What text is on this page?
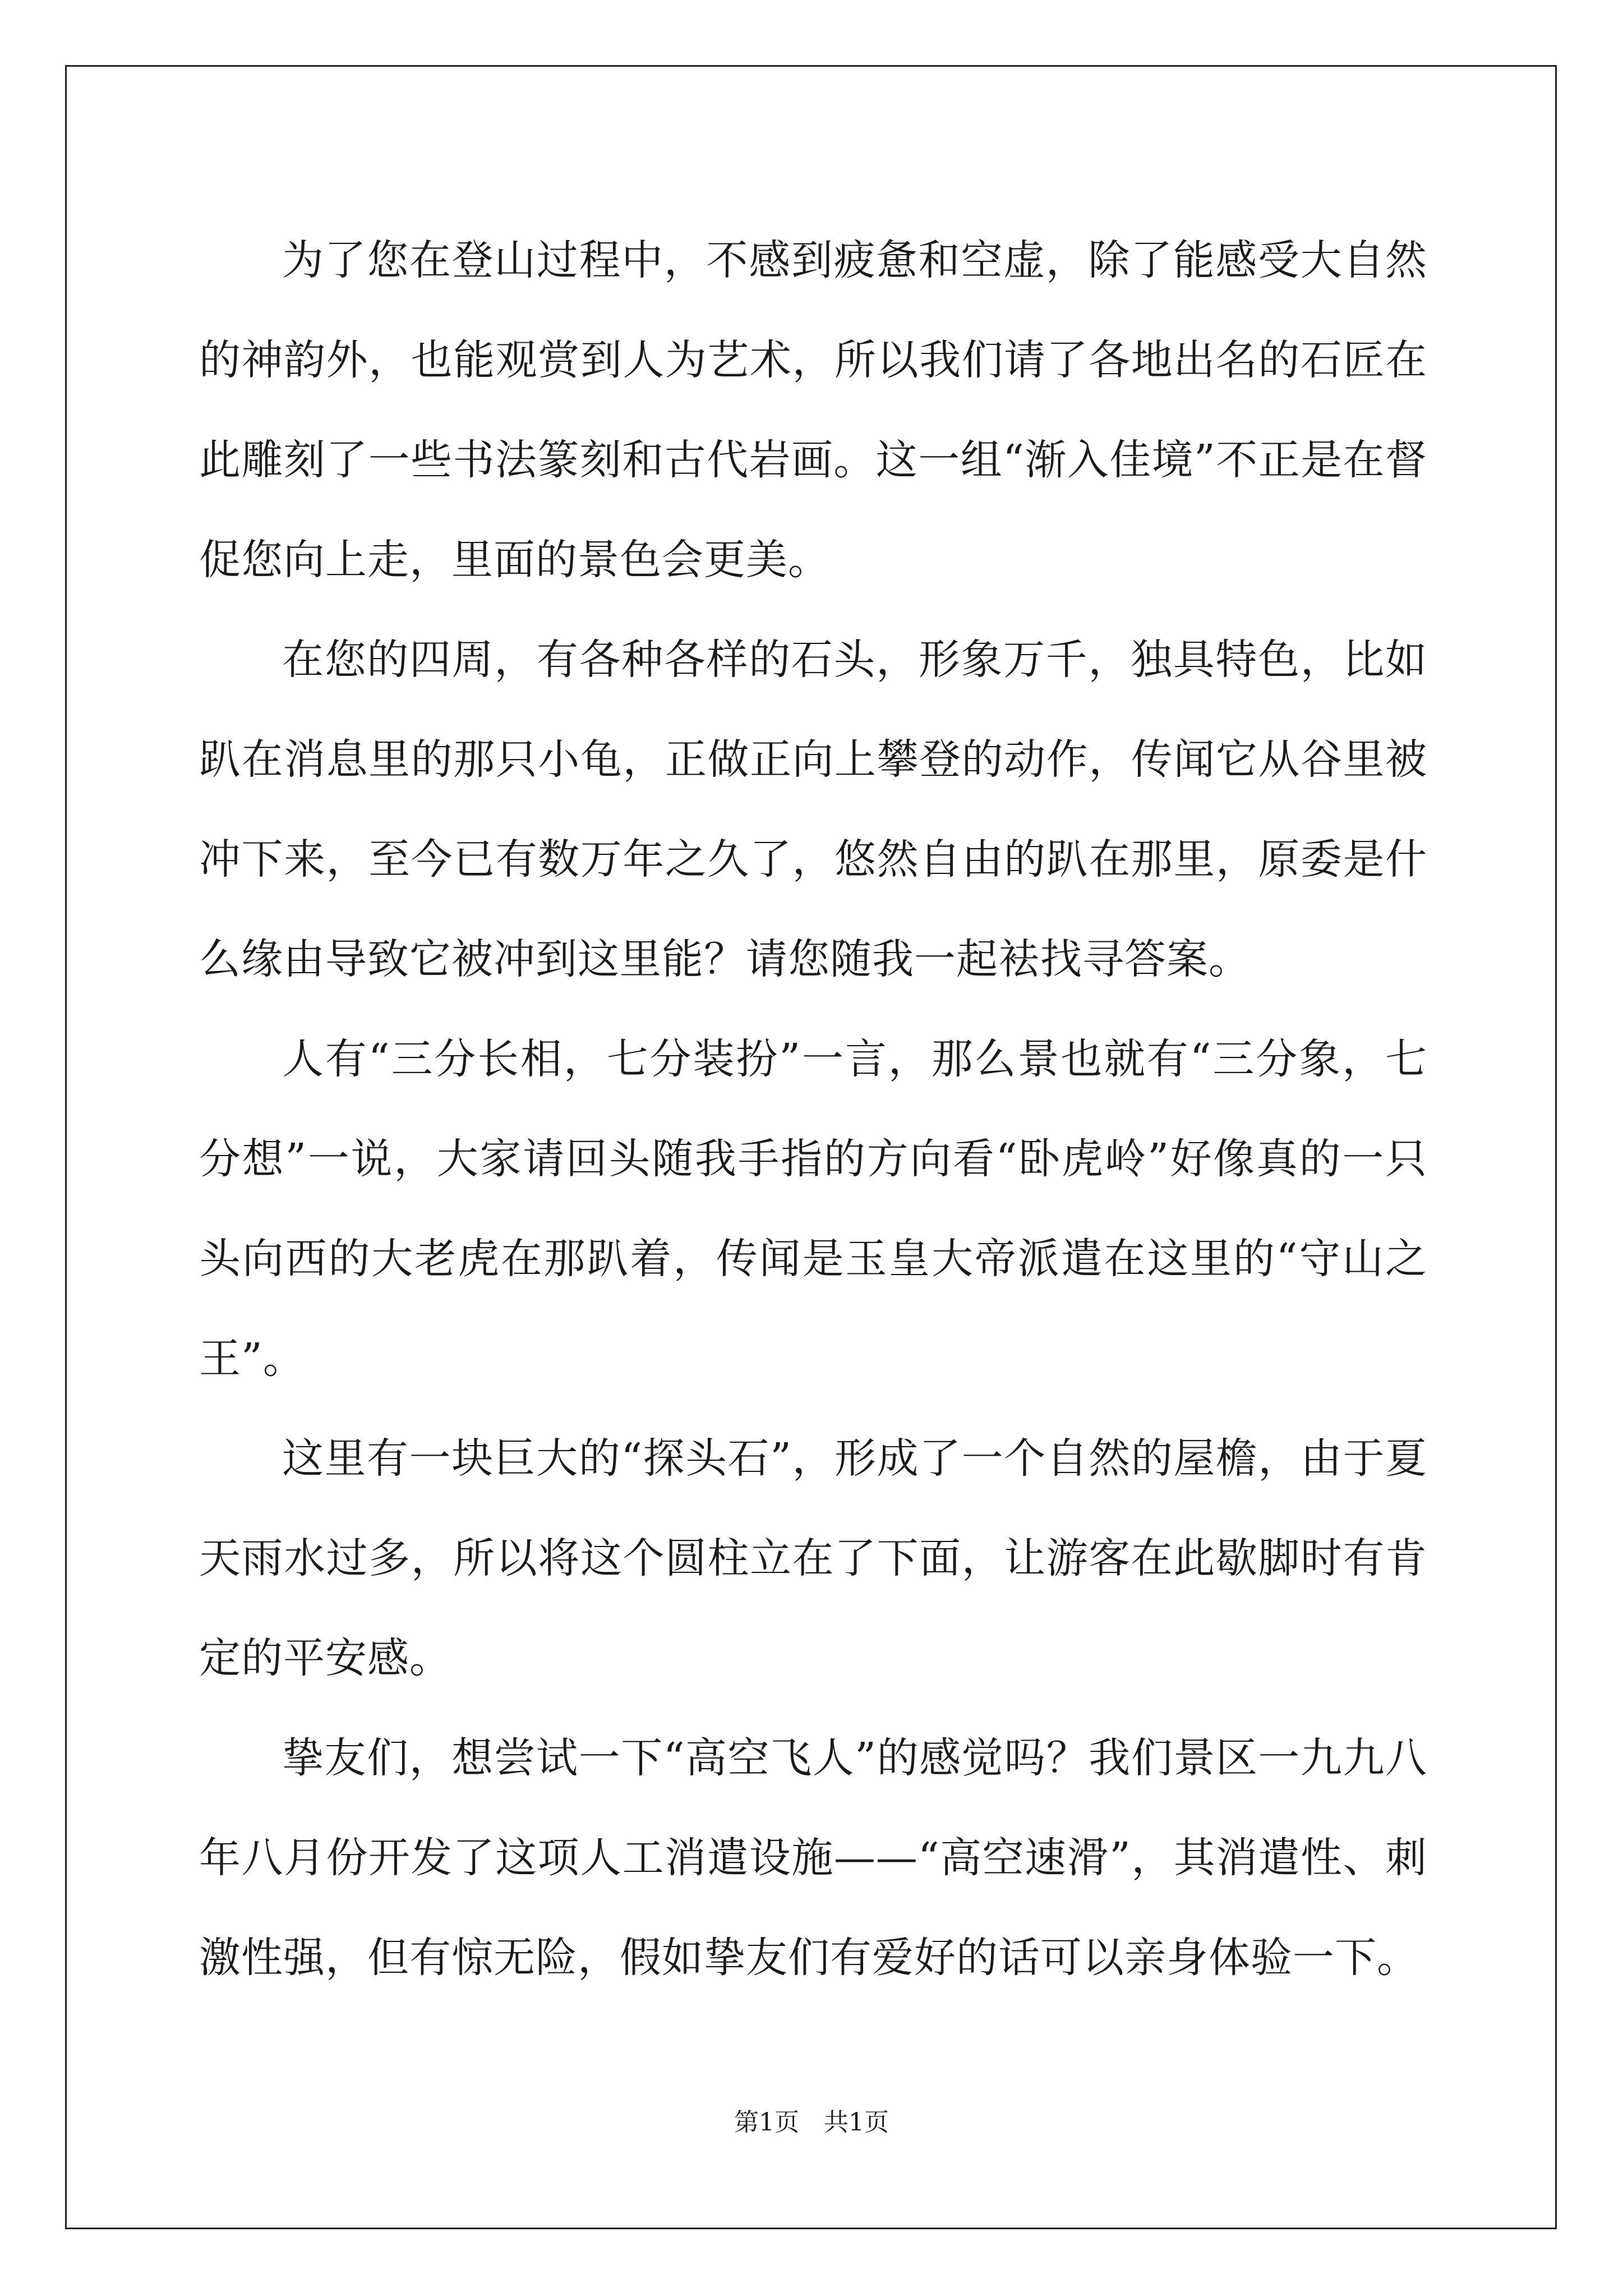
为了您在登山过程中，不感到疲惫和空虚，除了能感受大自然的神韵外，也能观赏到人为艺术，所以我们请了各地出名的石匠在此雕刻了一些书法篆刻和古代岩画。这一组“渐入佳境”不正是在督促您向上走，里面的景色会更美。

在您的四周，有各种各样的石头，形象万千，独具特色，比如趴在消息里的那只小龟，正做正向上攀登的动作，传闻它从谷里被冲下来，至今已有数万年之久了，悠然自由的趴在那里，原委是什么缘由导致它被冲到这里能？请您随我一起袪找寻答案。

人有“三分长相，七分装扮”一言，那么景也就有“三分象，七分想”一说，大家请回头随我手指的方向看“卧虎岭”好像真的一只头向西的大老虎在那趴着，传闻是玉皇大帝派遣在这里的“守山之王”。

这里有一块巨大的“探头石”，形成了一个自然的屋檐，由于夏天雨水过多，所以将这个圆柱立在了下面，让游客在此歇脚时有肯定的平安感。

挚友们，想尝试一下“高空飞人”的感觉吗？我们景区一九九八年八月份开发了这项人工消遣设施——“高空速滑”，其消遣性、刺激性强，但有惊无险，假如挚友们有爱好的话可以亲身体验一下。

第1页 共1页
